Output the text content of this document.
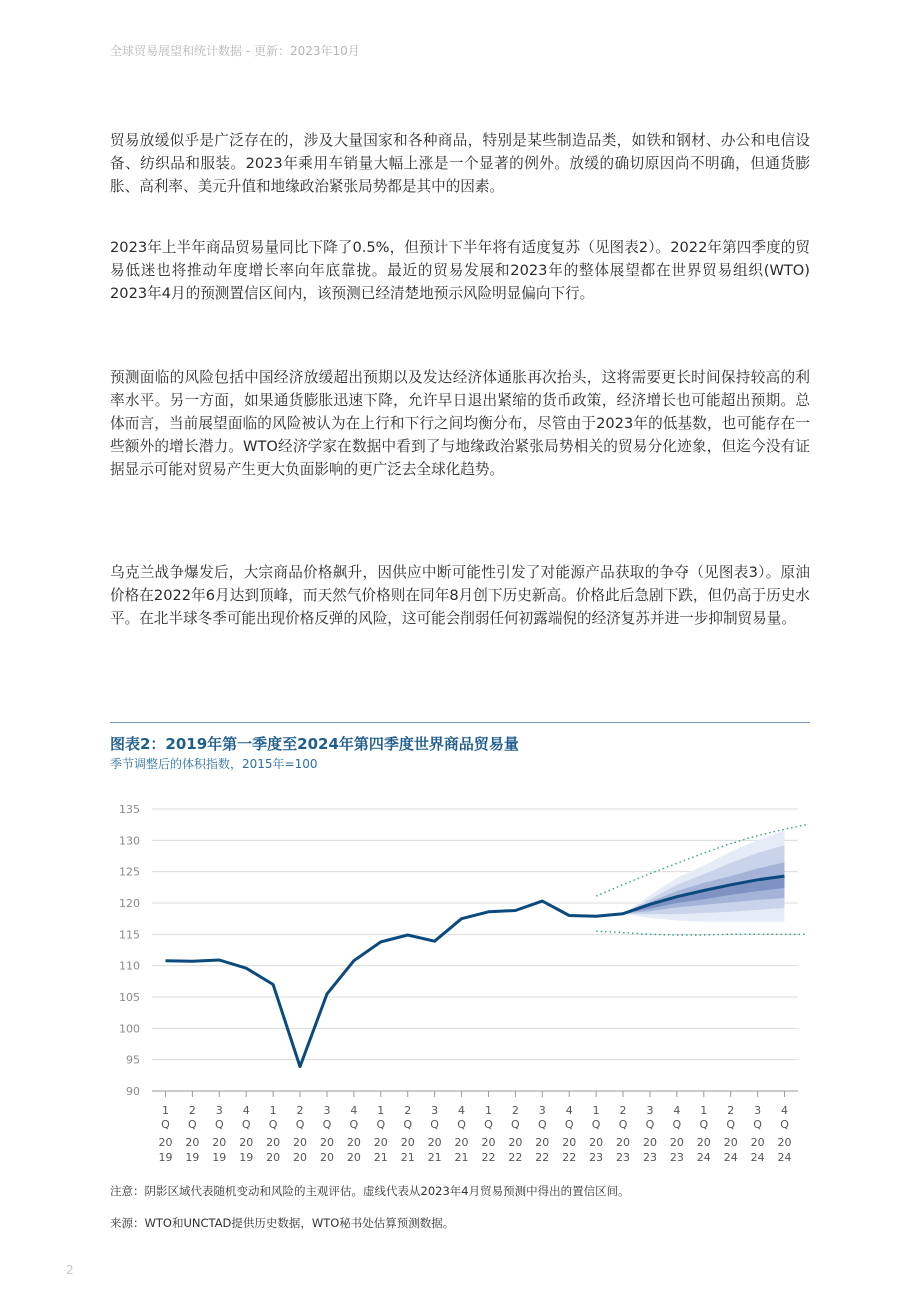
全球贸易展望和统计数据 - 更新：2023年10月

贸易放缓似乎是广泛存在的，涉及大量国家和各种商品，特别是某些制造品类，如铁和钢材、办公和电信设备、纺织品和服装。2023年乘用车销量大幅上涨是一个显著的例外。放缓的确切原因尚不明确，但通货膨胀、高利率、美元升值和地缘政治紧张局势都是其中的因素。

2023年上半年商品贸易量同比下降了0.5%，但预计下半年将有适度复苏（见图表2）。2022年第四季度的贸易低迷也将推动年度增长率向年底靠拢。最近的贸易发展和2023年的整体展望都在世界贸易组织(WTO) 2023年4月的预测置信区间内，该预测已经清楚地预示风险明显偏向下行。

预测面临的风险包括中国经济放缓超出预期以及发达经济体通胀再次抬头，这将需要更长时间保持较高的利率水平。另一方面，如果通货膨胀迅速下降，允许早日退出紧缩的货币政策，经济增长也可能超出预期。总体而言，当前展望面临的风险被认为在上行和下行之间均衡分布，尽管由于2023年的低基数，也可能存在一些额外的增长潜力。WTO经济学家在数据中看到了与地缘政治紧张局势相关的贸易分化迹象，但迄今没有证据显示可能对贸易产生更大负面影响的更广泛去全球化趋势。

乌克兰战争爆发后，大宗商品价格飙升，因供应中断可能性引发了对能源产品获取的争夺（见图表3）。原油价格在2022年6月达到顶峰，而天然气价格则在同年8月创下历史新高。价格此后急剧下跌，但仍高于历史水平。在北半球冬季可能出现价格反弹的风险，这可能会削弱任何初露端倪的经济复苏并进一步抑制贸易量。

图表2：2019年第一季度至2024年第四季度世界商品贸易量
季节调整后的体积指数，2015年=100
90
95
100
105
110
115
120
125
130
135
1
Q
20
19
2
Q
20
19
3
Q
20
19
4
Q
20
19
1
Q
20
20
2
Q
20
20
3
Q
20
20
4
Q
20
20
1
Q
20
21
2
Q
20
21
3
Q
20
21
4
Q
20
21
1
Q
20
22
2
Q
20
22
3
Q
20
22
4
Q
20
22
1
Q
20
23
2
Q
20
23
3
Q
20
23
4
Q
20
23
1
Q
20
24
2
Q
20
24
3
Q
20
24
4
Q
20
24
注意：阴影区域代表随机变动和风险的主观评估。虚线代表从2023年4月贸易预测中得出的置信区间。
来源：WTO和UNCTAD提供历史数据，WTO秘书处估算预测数据。
2
